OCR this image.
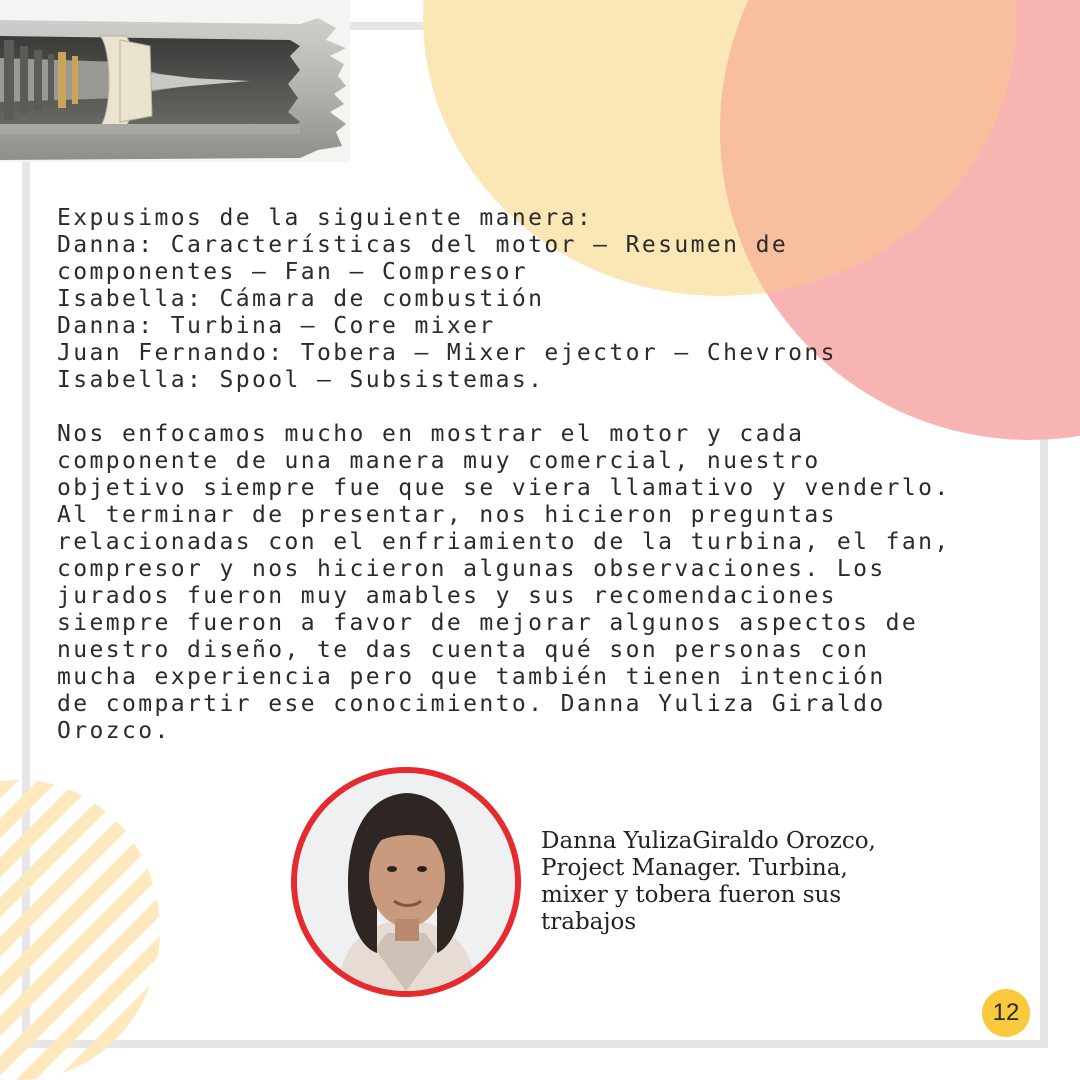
Expusimos de la siguiente manera:
Danna: Características del motor – Resumen de
componentes – Fan – Compresor
Isabella: Cámara de combustión
Danna: Turbina – Core mixer
Juan Fernando: Tobera – Mixer ejector – Chevrons
Isabella: Spool – Subsistemas.
Nos enfocamos mucho en mostrar el motor y cada
componente de una manera muy comercial, nuestro
objetivo siempre fue que se viera llamativo y venderlo.
Al terminar de presentar, nos hicieron preguntas
relacionadas con el enfriamiento de la turbina, el fan,
compresor y nos hicieron algunas observaciones. Los
jurados fueron muy amables y sus recomendaciones
siempre fueron a favor de mejorar algunos aspectos de
nuestro diseño, te das cuenta qué son personas con
mucha experiencia pero que también tienen intención
de compartir ese conocimiento. Danna Yuliza Giraldo
Orozco.
Danna YulizaGiraldo Orozco,
Project Manager. Turbina,
mixer y tobera fueron sus
trabajos
12
